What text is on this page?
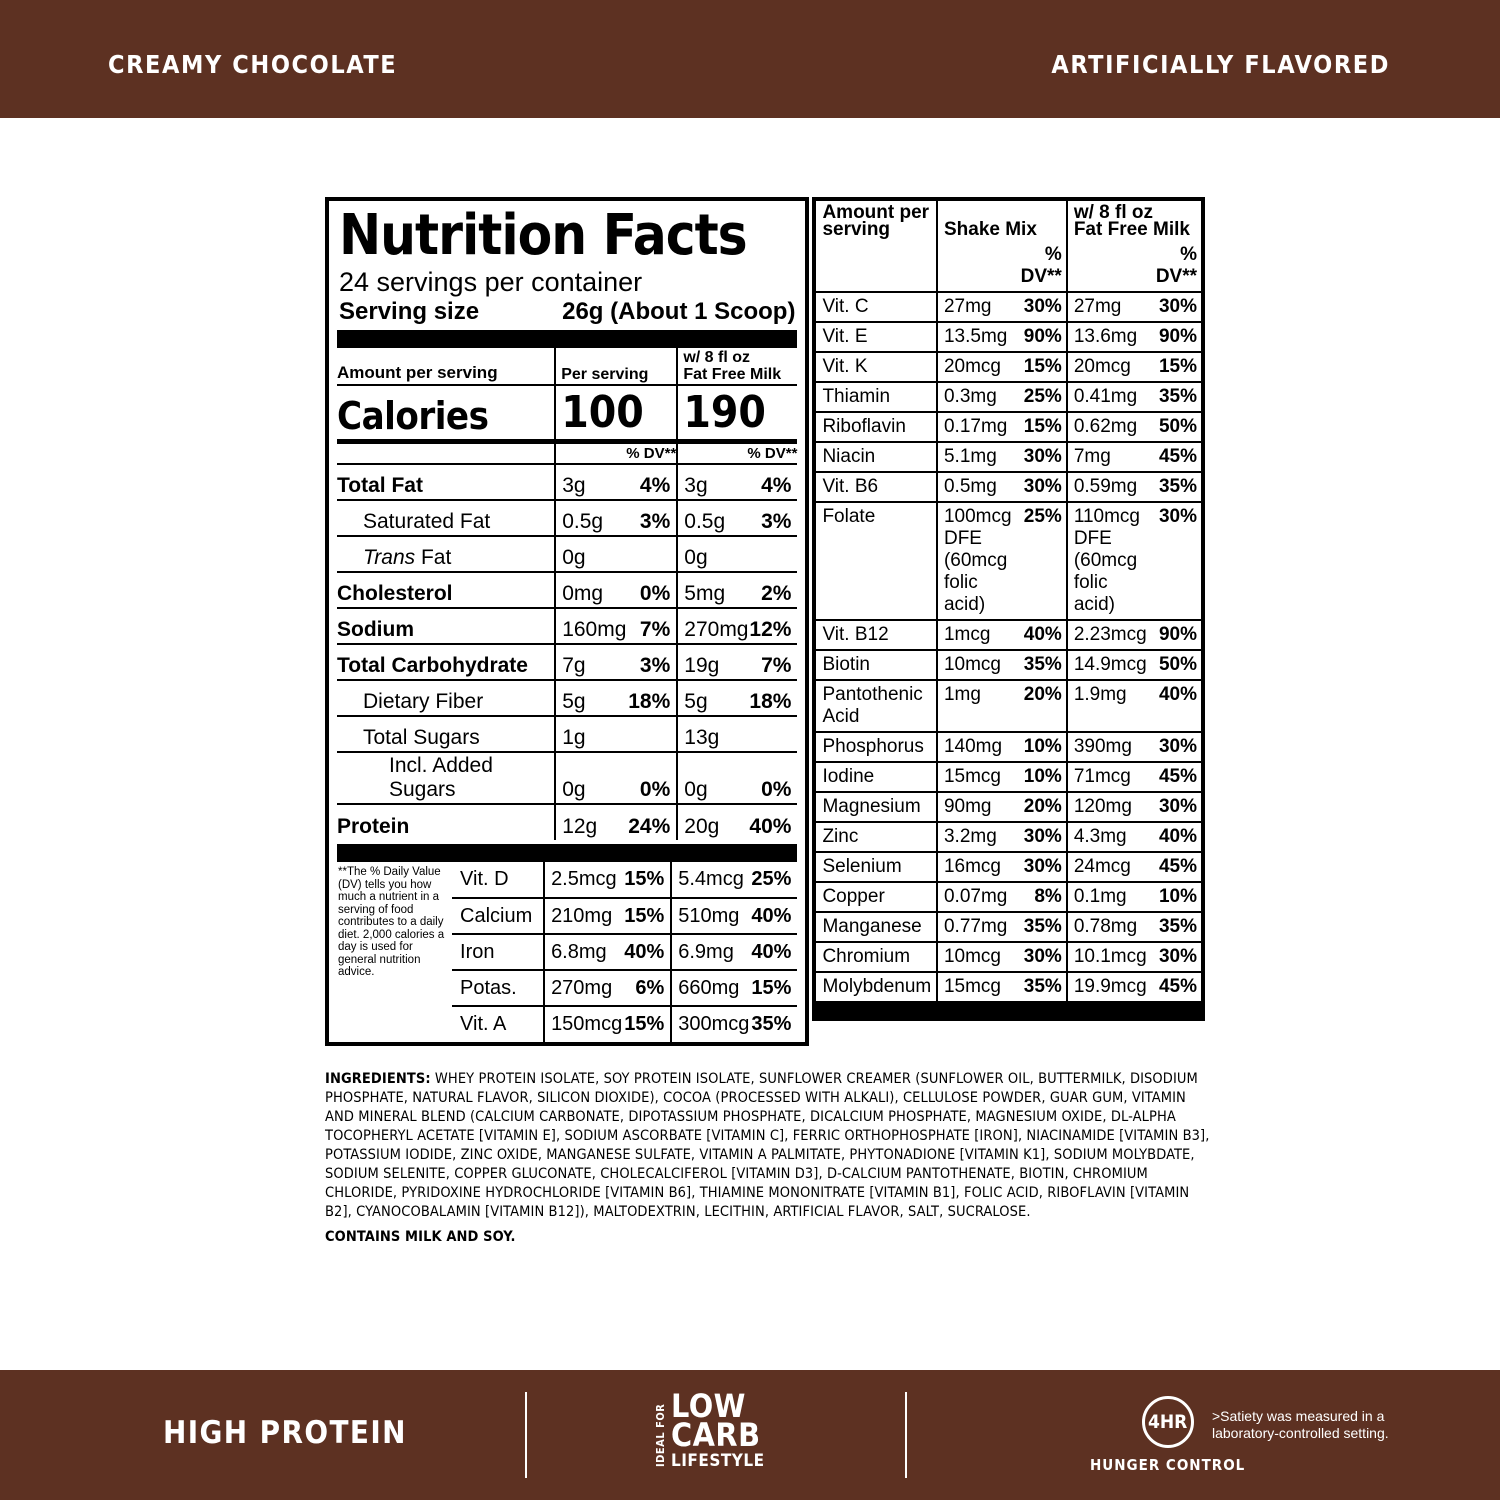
CREAMY CHOCOLATE	ARTIFICIALLY FLAVORED
Nutrition Facts
24 servings per container
Serving size	26g (About 1 Scoop)
Amount per serving	Per serving	w/ 8 fl oz
Fat Free Milk

Calories	100	190
	% DV**	% DV**
Total Fat	3g	4%	3g	4%
Saturated Fat	0.5g	3%	0.5g	3%
Trans Fat	0g		0g	
Cholesterol	0mg	0%	5mg	2%
Sodium	160mg	7%	270mg	12%
Total Carbohydrate	7g	3%	19g	7%
Dietary Fiber	5g	18%	5g	18%
Total Sugars	1g		13g	
Incl. Added Sugars	0g	0%	0g	0%
Protein	12g	24%	20g	40%
**The % Daily Value (DV) tells you how much a nutrient in a serving of food contributes to a daily diet. 2,000 calories a day is used for general nutrition advice.	Vit. D	2.5mcg	15%	5.4mcg	25%
	Calcium	210mg	15%	510mg	40%
	Iron	6.8mg	40%	6.9mg	40%
	Potas.	270mg	6%	660mg	15%
	Vit. A	150mcg	15%	300mcg	35%
Amount per
serving	Shake Mix

w/ 8 fl oz
Fat Free Milk

		% DV**		% DV**
Vit. C	27mg	30%	27mg	30%
Vit. E	13.5mg	90%	13.6mg	90%
Vit. K	20mcg	15%	20mcg	15%
Thiamin	0.3mg	25%	0.41mg	35%
Riboflavin	0.17mg	15%	0.62mg	50%
Niacin	5.1mg	30%	7mg	45%
Vit. B6	0.5mg	30%	0.59mg	35%
Folate	100mcg DFE (60mcg folic acid)	25%	110mcg DFE (60mcg folic acid)	30%
Vit. B12	1mcg	40%	2.23mcg	90%
Biotin	10mcg	35%	14.9mcg	50%
Pantothenic Acid	1mg	20%	1.9mg	40%
Phosphorus	140mg	10%	390mg	30%
Iodine	15mcg	10%	71mcg	45%
Magnesium	90mg	20%	120mg	30%
Zinc	3.2mg	30%	4.3mg	40%
Selenium	16mcg	30%	24mcg	45%
Copper	0.07mg	8%	0.1mg	10%
Manganese	0.77mg	35%	0.78mg	35%
Chromium	10mcg	30%	10.1mcg	30%
Molybdenum	15mcg	35%	19.9mcg	45%
INGREDIENTS: WHEY PROTEIN ISOLATE, SOY PROTEIN ISOLATE, SUNFLOWER CREAMER (SUNFLOWER OIL, BUTTERMILK, DISODIUM PHOSPHATE, NATURAL FLAVOR, SILICON DIOXIDE), COCOA (PROCESSED WITH ALKALI), CELLULOSE POWDER, GUAR GUM, VITAMIN AND MINERAL BLEND (CALCIUM CARBONATE, DIPOTASSIUM PHOSPHATE, DICALCIUM PHOSPHATE, MAGNESIUM OXIDE, DL-ALPHA TOCOPHERYL ACETATE [VITAMIN E], SODIUM ASCORBATE [VITAMIN C], FERRIC ORTHOPHOSPHATE [IRON], NIACINAMIDE [VITAMIN B3], POTASSIUM IODIDE, ZINC OXIDE, MANGANESE SULFATE, VITAMIN A PALMITATE, PHYTONADIONE [VITAMIN K1], SODIUM MOLYBDATE, SODIUM SELENITE, COPPER GLUCONATE, CHOLECALCIFEROL [VITAMIN D3], D-CALCIUM PANTOTHENATE, BIOTIN, CHROMIUM CHLORIDE, PYRIDOXINE HYDROCHLORIDE [VITAMIN B6], THIAMINE MONONITRATE [VITAMIN B1], FOLIC ACID, RIBOFLAVIN [VITAMIN B2], CYANOCOBALAMIN [VITAMIN B12]), MALTODEXTRIN, LECITHIN, ARTIFICIAL FLAVOR, SALT, SUCRALOSE.
CONTAINS MILK AND SOY.
HIGH PROTEIN	IDEAL FOR LOW
CARB
LIFESTYLE
4HR
HUNGER CONTROL
>Satiety was measured in a laboratory-controlled setting.
